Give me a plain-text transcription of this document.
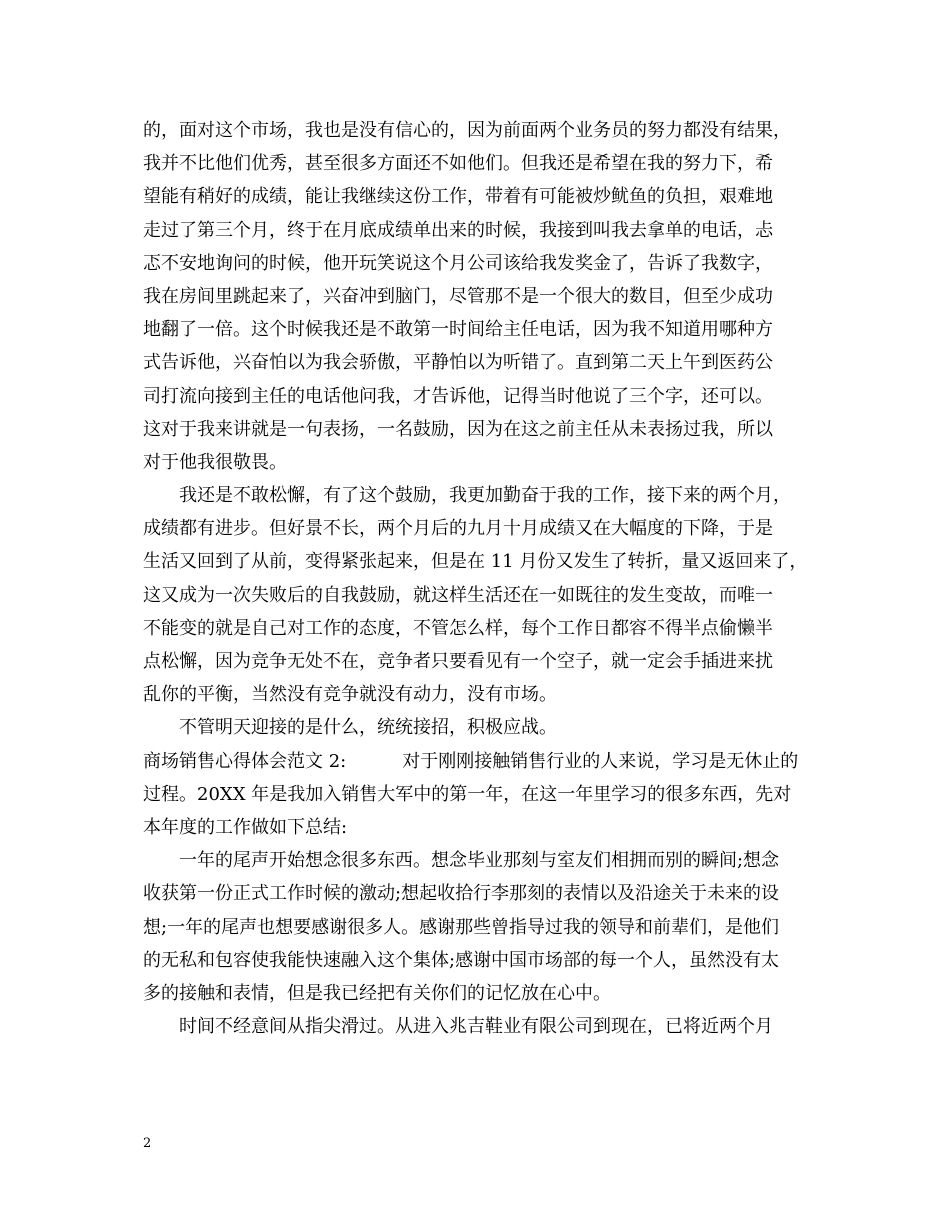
的，面对这个市场，我也是没有信心的，因为前面两个业务员的努力都没有结果，
我并不比他们优秀，甚至很多方面还不如他们。但我还是希望在我的努力下，希
望能有稍好的成绩，能让我继续这份工作，带着有可能被炒鱿鱼的负担，艰难地
走过了第三个月，终于在月底成绩单出来的时候，我接到叫我去拿单的电话，忐
忑不安地询问的时候，他开玩笑说这个月公司该给我发奖金了，告诉了我数字，
我在房间里跳起来了，兴奋冲到脑门，尽管那不是一个很大的数目，但至少成功
地翻了一倍。这个时候我还是不敢第一时间给主任电话，因为我不知道用哪种方
式告诉他，兴奋怕以为我会骄傲，平静怕以为听错了。直到第二天上午到医药公
司打流向接到主任的电话他问我，才告诉他，记得当时他说了三个字，还可以。
这对于我来讲就是一句表扬，一名鼓励，因为在这之前主任从未表扬过我，所以
对于他我很敬畏。
我还是不敢松懈，有了这个鼓励，我更加勤奋于我的工作，接下来的两个月，
成绩都有进步。但好景不长，两个月后的九月十月成绩又在大幅度的下降，于是
生活又回到了从前，变得紧张起来，但是在 11 月份又发生了转折，量又返回来了，
这又成为一次失败后的自我鼓励，就这样生活还在一如既往的发生变故，而唯一
不能变的就是自己对工作的态度，不管怎么样，每个工作日都容不得半点偷懒半
点松懈，因为竞争无处不在，竞争者只要看见有一个空子，就一定会手插进来扰
乱你的平衡，当然没有竞争就没有动力，没有市场。
不管明天迎接的是什么，统统接招，积极应战。
商场销售心得体会范文 2:	对于刚刚接触销售行业的人来说，学习是无休止的
过程。20XX 年是我加入销售大军中的第一年，在这一年里学习的很多东西，先对
本年度的工作做如下总结:
一年的尾声开始想念很多东西。想念毕业那刻与室友们相拥而别的瞬间;想念
收获第一份正式工作时候的激动;想起收拾行李那刻的表情以及沿途关于未来的设
想;一年的尾声也想要感谢很多人。感谢那些曾指导过我的领导和前辈们，是他们
的无私和包容使我能快速融入这个集体;感谢中国市场部的每一个人，虽然没有太
多的接触和表情，但是我已经把有关你们的记忆放在心中。
时间不经意间从指尖滑过。从进入兆吉鞋业有限公司到现在，已将近两个月
2
